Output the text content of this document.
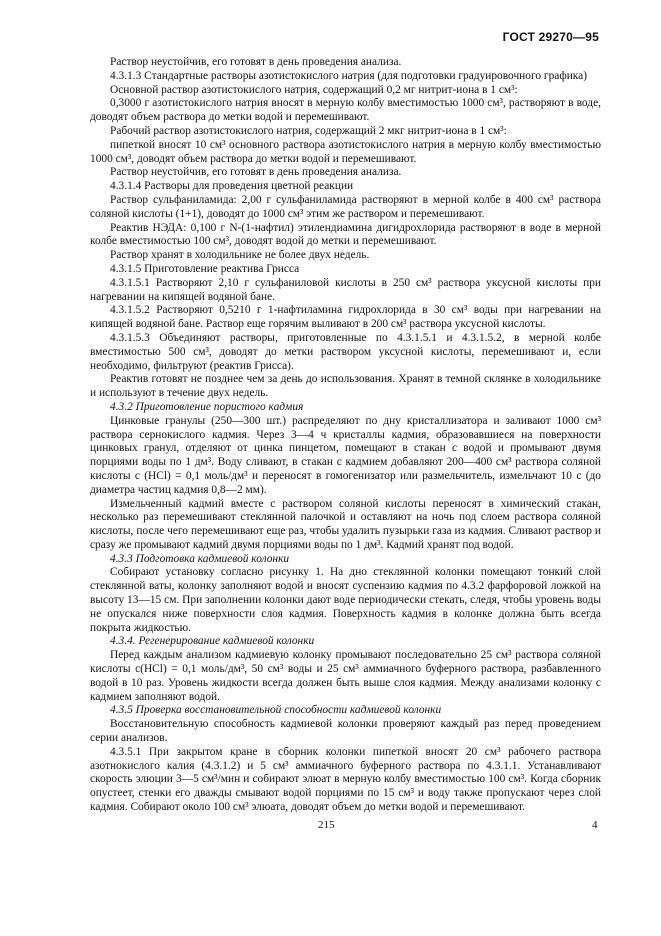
ГОСТ 29270—95

Раствор неустойчив, его готовят в день проведения анализа.

4.3.1.3 Стандартные растворы азотистокислого натрия (для подготовки градуировочного графика)

Основной раствор азотистокислого натрия, содержащий 0,2 мг нитрит-иона в 1 см³:

0,3000 г азотистокислого натрия вносят в мерную колбу вместимостью 1000 см³, растворяют в воде, доводят объем раствора до метки водой и перемешивают.

Рабочий раствор азотистокислого натрия, содержащий 2 мкг нитрит-иона в 1 см³:

пипеткой вносят 10 см³ основного раствора азотистокислого натрия в мерную колбу вместимостью 1000 см³, доводят объем раствора до метки водой и перемешивают.

Раствор неустойчив, его готовят в день проведения анализа.

4.3.1.4 Растворы для проведения цветной реакции

Раствор сульфаниламида: 2,00 г сульфаниламида растворяют в мерной колбе в 400 см³ раствора соляной кислоты (1+1), доводят до 1000 см³ этим же раствором и перемешивают.

Реактив НЭДА: 0,100 г N-(1-нафтил) этилендиамина дигидрохлорида растворяют в воде в мерной колбе вместимостью 100 см³, доводят водой до метки и перемешивают.

Раствор хранят в холодильнике не более двух недель.

4.3.1.5 Приготовление реактива Грисса

4.3.1.5.1 Растворяют 2,10 г сульфаниловой кислоты в 250 см³ раствора уксусной кислоты при нагревании на кипящей водяной бане.

4.3.1.5.2 Растворяют 0,5210 г 1-нафтиламина гидрохлорида в 30 см³ воды при нагревании на кипящей водяной бане. Раствор еще горячим выливают в 200 см³ раствора уксусной кислоты.

4.3.1.5.3 Объединяют растворы, приготовленные по 4.3.1.5.1 и 4.3.1.5.2, в мерной колбе вместимостью 500 см³, доводят до метки раствором уксусной кислоты, перемешивают и, если необходимо, фильтруют (реактив Грисса).

Реактив готовят не позднее чем за день до использования. Хранят в темной склянке в холодильнике и используют в течение двух недель.

4.3.2 Приготовление пористого кадмия

Цинковые гранулы (250—300 шт.) распределяют по дну кристаллизатора и заливают 1000 см³ раствора сернокислого кадмия. Через 3—4 ч кристаллы кадмия, образовавшиеся на поверхности цинковых гранул, отделяют от цинка пинцетом, помещают в стакан с водой и промывают двумя порциями воды по 1 дм³. Воду сливают, в стакан с кадмием добавляют 200—400 см³ раствора соляной кислоты c (HCl) = 0,1 моль/дм³ и переносят в гомогенизатор или размельчитель, измельчают 10 с (до диаметра частиц кадмия 0,8—2 мм).

Измельченный кадмий вместе с раствором соляной кислоты переносят в химический стакан, несколько раз перемешивают стеклянной палочкой и оставляют на ночь под слоем раствора соляной кислоты, после чего перемешивают еще раз, чтобы удалить пузырьки газа из кадмия. Сливают раствор и сразу же промывают кадмий двумя порциями воды по 1 дм³. Кадмий хранят под водой.

4.3.3 Подготовка кадмиевой колонки

Собирают установку согласно рисунку 1. На дно стеклянной колонки помещают тонкий слой стеклянной ваты, колонку заполняют водой и вносят суспензию кадмия по 4.3.2 фарфоровой ложкой на высоту 13—15 см. При заполнении колонки дают воде периодически стекать, следя, чтобы уровень воды не опускался ниже поверхности слоя кадмия. Поверхность кадмия в колонке должна быть всегда покрыта жидкостью.

4.3.4. Регенерирование кадмиевой колонки

Перед каждым анализом кадмиевую колонку промывают последовательно 25 см³ раствора соляной кислоты c(HCl) = 0,1 моль/дм³, 50 см³ воды и 25 см³ аммиачного буферного раствора, разбавленного водой в 10 раз. Уровень жидкости всегда должен быть выше слоя кадмия. Между анализами колонку с кадмием заполняют водой.

4.3.5 Проверка восстановительной способности кадмиевой колонки

Восстановительную способность кадмиевой колонки проверяют каждый раз перед проведением серии анализов.

4.3.5.1 При закрытом кране в сборник колонки пипеткой вносят 20 см³ рабочего раствора азотнокислого калия (4.3.1.2) и 5 см³ аммиачного буферного раствора по 4.3.1.1. Устанавливают скорость элюции 3—5 см³/мин и собирают элюат в мерную колбу вместимостью 100 см³. Когда сборник опустеет, стенки его дважды смывают водой порциями по 15 см³ и воду также пропускают через слой кадмия. Собирают около 100 см³ элюата, доводят объем до метки водой и перемешивают.

215	4
